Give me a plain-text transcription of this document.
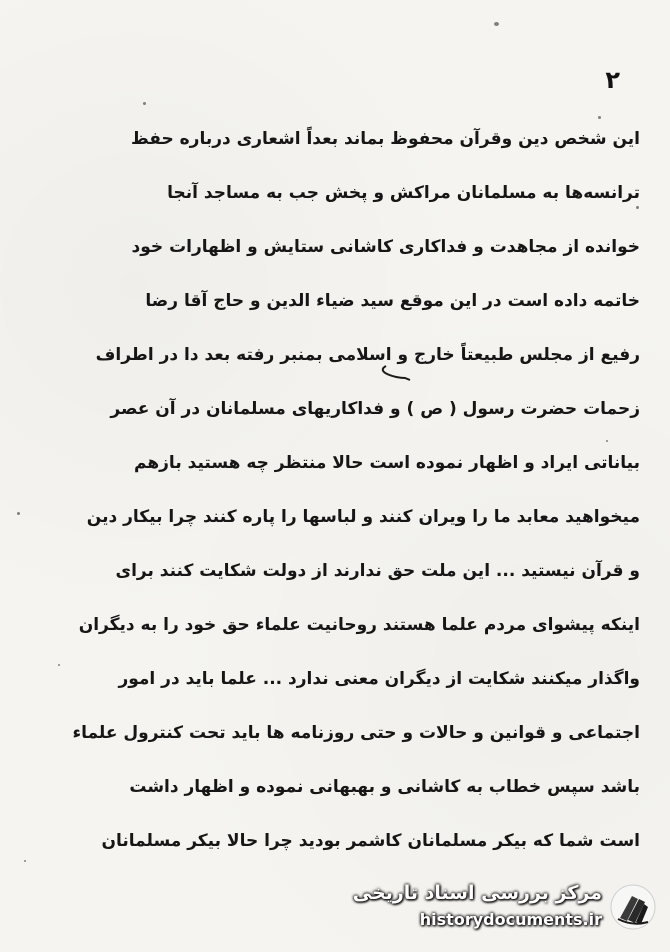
٢
این شخص دین وقرآن محفوظ بماند بعداً اشعاری درباره حفظ
ترانسه‌ها به مسلمانان مراکش و پخش جب به مساجد آنجا
خوانده از مجاهدت و فداکاری کاشانی ستایش و اظهارات خود
خاتمه داده است در این موقع سید ضیاء الدین و حاج آقا رضا
رفیع از مجلس طبیعتاً خارج و اسلامی بمنبر رفته بعد دا در اطراف
زحمات حضرت رسول ( ص ) و فداکاریهای مسلمانان در آن عصر
بیاناتی ایراد و اظهار نموده است حالا منتظر چه هستید بازهم
میخواهید معابد ما را ویران کنند و لباسها را پاره کنند چرا بیکار دین
و قرآن نیستید ... این ملت حق ندارند از دولت شکایت کنند برای
اینکه پیشوای مردم علما هستند روحانیت علماء حق خود را به دیگران
واگذار میکنند شکایت از دیگران معنی ندارد ... علما باید در امور
اجتماعی و قوانین و حالات و حتی روزنامه ها باید تحت کنترول علماء
باشد سپس خطاب به کاشانی و بهبهانی نموده و اظهار داشت
است شما که بیکر مسلمانان کاشمر بودید چرا حالا بیکر مسلمانان
مرکز بررسی اسناد تاریخی
historydocuments.ir
